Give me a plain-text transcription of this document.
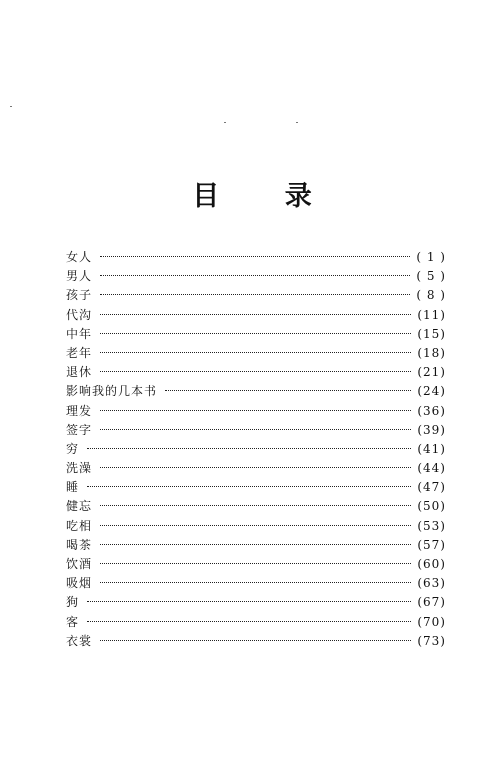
目 录
女人	( 1 )
男人	( 5 )
孩子	( 8 )
代沟	(11)
中年	(15)
老年	(18)
退休	(21)
影响我的几本书	(24)
理发	(36)
签字	(39)
穷	(41)
洗澡	(44)
睡	(47)
健忘	(50)
吃相	(53)
喝茶	(57)
饮酒	(60)
吸烟	(63)
狗	(67)
客	(70)
衣裳	(73)
